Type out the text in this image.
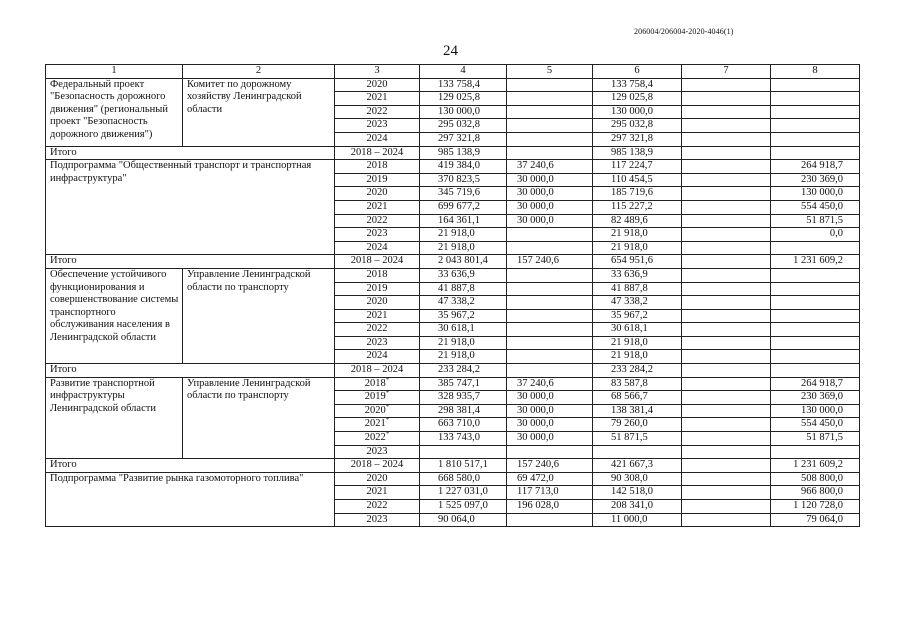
206004/206004-2020-4046(1)
24
1	2	3	4	5	6	7	8
Федеральный проект "Безопасность дорожного движения" (региональный проект "Безопасность дорожного движения")	Комитет по дорожному хозяйству Ленинградской области	2020	133 758,4		133 758,4		
		2021	129 025,8		129 025,8		
		2022	130 000,0		130 000,0		
		2023	295 032,8		295 032,8		
		2024	297 321,8		297 321,8		
Итого		2018 – 2024	985 138,9		985 138,9		
Подпрограмма "Общественный транспорт и транспортная инфраструктура"		2018	419 384,0	37 240,6	117 224,7		264 918,7
		2019	370 823,5	30 000,0	110 454,5		230 369,0
		2020	345 719,6	30 000,0	185 719,6		130 000,0
		2021	699 677,2	30 000,0	115 227,2		554 450,0
		2022	164 361,1	30 000,0	82 489,6		51 871,5
		2023	21 918,0		21 918,0		0,0
		2024	21 918,0		21 918,0		
Итого		2018 – 2024	2 043 801,4	157 240,6	654 951,6		1 231 609,2
Обеспечение устойчивого функционирования и совершенствование системы транспортного обслуживания населения в Ленинградской области	Управление Ленинградской области по транспорту	2018	33 636,9		33 636,9		
		2019	41 887,8		41 887,8		
		2020	47 338,2		47 338,2		
		2021	35 967,2		35 967,2		
		2022	30 618,1		30 618,1		
		2023	21 918,0		21 918,0		
		2024	21 918,0		21 918,0		
Итого		2018 – 2024	233 284,2		233 284,2		
Развитие транспортной инфраструктуры Ленинградской области	Управление Ленинградской области по транспорту	2018*	385 747,1	37 240,6	83 587,8		264 918,7
		2019*	328 935,7	30 000,0	68 566,7		230 369,0
		2020*	298 381,4	30 000,0	138 381,4		130 000,0
		2021*	663 710,0	30 000,0	79 260,0		554 450,0
		2022*	133 743,0	30 000,0	51 871,5		51 871,5
		2023					
Итого		2018 – 2024	1 810 517,1	157 240,6	421 667,3		1 231 609,2
Подпрограмма "Развитие рынка газомоторного топлива"		2020	668 580,0	69 472,0	90 308,0		508 800,0
		2021	1 227 031,0	117 713,0	142 518,0		966 800,0
		2022	1 525 097,0	196 028,0	208 341,0		1 120 728,0
		2023	90 064,0		11 000,0		79 064,0
